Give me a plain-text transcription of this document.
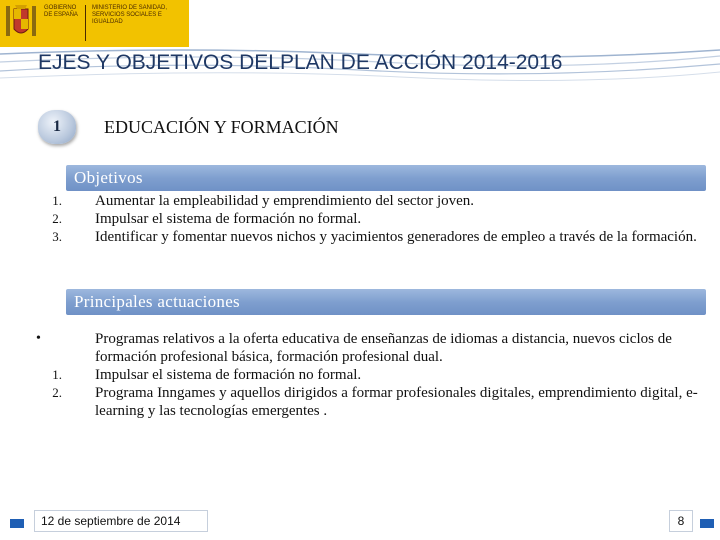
GOBIERNO DE ESPAÑA
MINISTERIO DE SANIDAD, SERVICIOS SOCIALES E IGUALDAD
EJES Y OBJETIVOS DELPLAN DE ACCIÓN 2014-2016
1	EDUCACIÓN Y FORMACIÓN
Objetivos
1. Aumentar la empleabilidad y emprendimiento del sector joven.
2. Impulsar el sistema de formación no formal.
3. Identificar y fomentar nuevos nichos y yacimientos generadores de empleo a través de la formación.
Principales actuaciones
•	Programas relativos a la oferta educativa de enseñanzas de idiomas a distancia, nuevos ciclos de formación profesional básica, formación profesional dual.
1. Impulsar el sistema de formación no formal.
2. Programa Inngames y aquellos dirigidos a formar profesionales digitales, emprendimiento digital, e-learning y las tecnologías emergentes .
12 de septiembre de 2014	8
